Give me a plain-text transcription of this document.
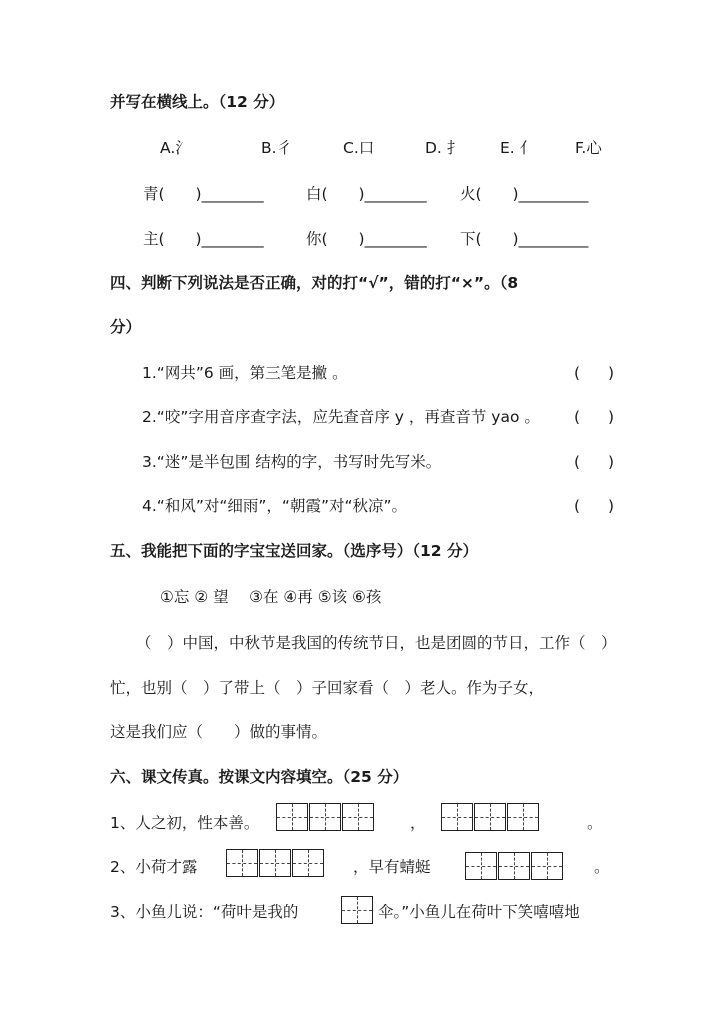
并写在横线上。（12 分）
A.氵	B.彳	C.口	D. 扌 E. 亻	F.心
青(　　)________	白(　　)________ 火(　　)_________
主(　　)________	你(　　)________ 下(　　)_________
四、判断下列说法是否正确，对的打“√”，错的打“×”。（8
分）
1.“网共”6 画，第三笔是撇 。	( )
2.“咬”字用音序查字法，应先查音序 y ，再查音节 yao 。 ( )
3.“迷”是半包围 结构的字，书写时先写米。	( )
4.“和风”对“细雨”，“朝霞”对“秋凉”。	( )
五、我能把下面的字宝宝送回家。（选序号）（12 分）
①忘 ② 望　 ③在 ④再 ⑤该 ⑥孩
（　）中国，中秋节是我国的传统节日，也是团圆的节日，工作（　）
忙，也别（　）了带上（　）子回家看（　）老人。作为子女，
这是我们应（　　）做的事情。
六、课文传真。按课文内容填空。（25 分）
1、人之初，性本善。	，	。
2、小荷才露	，早有蜻蜓	。
3、小鱼儿说：“荷叶是我的	伞。”小鱼儿在荷叶下笑嘻嘻地
